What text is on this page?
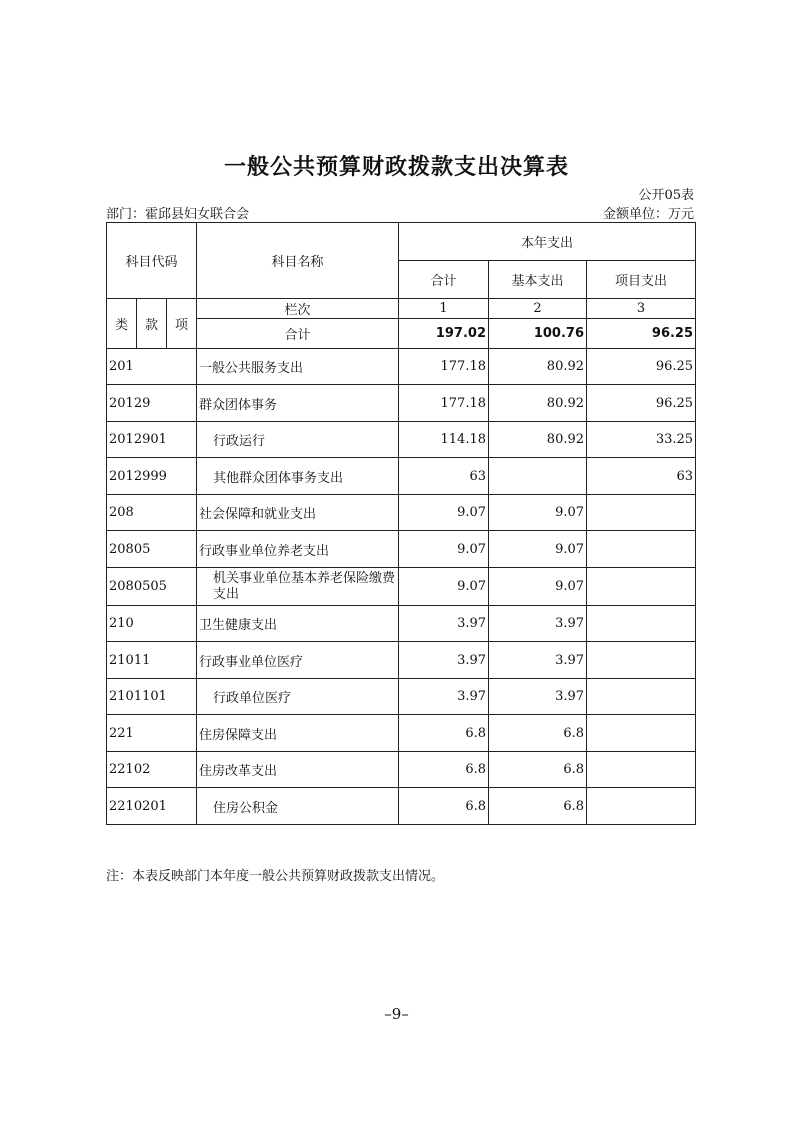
一般公共预算财政拨款支出决算表
公开05表
部门：霍邱县妇女联合会	金额单位：万元
科目代码			科目名称	本年支出		
				合计	基本支出	项目支出

类	款	项	栏次	1	2	3
			合计	197.02	100.76	96.25
201			一般公共服务支出	177.18	80.92	96.25
20129			群众团体事务	177.18	80.92	96.25
2012901			行政运行	114.18	80.92	33.25
2012999			其他群众团体事务支出	63		63
208			社会保障和就业支出	9.07	9.07	
20805			行政事业单位养老支出	9.07	9.07	
2080505			机关事业单位基本养老保险缴费支出	9.07	9.07	
210			卫生健康支出	3.97	3.97	
21011			行政事业单位医疗	3.97	3.97	
2101101			行政单位医疗	3.97	3.97	
221			住房保障支出	6.8	6.8	
22102			住房改革支出	6.8	6.8	
2210201			住房公积金	6.8	6.8	
注：本表反映部门本年度一般公共预算财政拨款支出情况。
–9–
